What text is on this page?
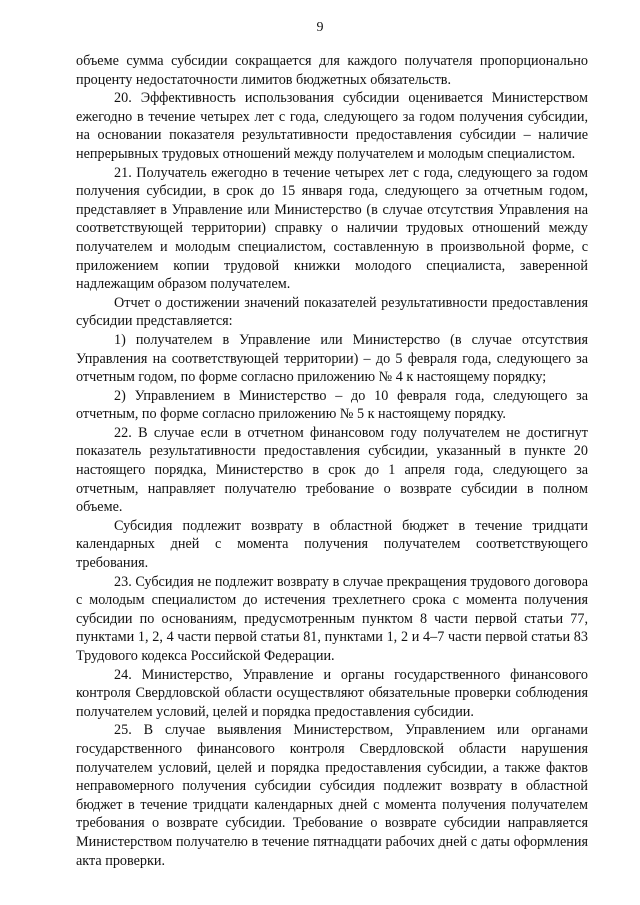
9

объеме сумма субсидии сокращается для каждого получателя пропорционально проценту недостаточности лимитов бюджетных обязательств.

20. Эффективность использования субсидии оценивается Министерством ежегодно в течение четырех лет с года, следующего за годом получения субсидии, на основании показателя результативности предоставления субсидии – наличие непрерывных трудовых отношений между получателем и молодым специалистом.

21. Получатель ежегодно в течение четырех лет с года, следующего за годом получения субсидии, в срок до 15 января года, следующего за отчетным годом, представляет в Управление или Министерство (в случае отсутствия Управления на соответствующей территории) справку о наличии трудовых отношений между получателем и молодым специалистом, составленную в произвольной форме, с приложением копии трудовой книжки молодого специалиста, заверенной надлежащим образом получателем.

Отчет о достижении значений показателей результативности предоставления субсидии представляется:

1) получателем в Управление или Министерство (в случае отсутствия Управления на соответствующей территории) – до 5 февраля года, следующего за отчетным годом, по форме согласно приложению № 4 к настоящему порядку;

2) Управлением в Министерство – до 10 февраля года, следующего за отчетным, по форме согласно приложению № 5 к настоящему порядку.

22. В случае если в отчетном финансовом году получателем не достигнут показатель результативности предоставления субсидии, указанный в пункте 20 настоящего порядка, Министерство в срок до 1 апреля года, следующего за отчетным, направляет получателю требование о возврате субсидии в полном объеме.

Субсидия подлежит возврату в областной бюджет в течение тридцати календарных дней с момента получения получателем соответствующего требования.

23. Субсидия не подлежит возврату в случае прекращения трудового договора с молодым специалистом до истечения трехлетнего срока с момента получения субсидии по основаниям, предусмотренным пунктом 8 части первой статьи 77, пунктами 1, 2, 4 части первой статьи 81, пунктами 1, 2 и 4–7 части первой статьи 83 Трудового кодекса Российской Федерации.

24. Министерство, Управление и органы государственного финансового контроля Свердловской области осуществляют обязательные проверки соблюдения получателем условий, целей и порядка предоставления субсидии.

25. В случае выявления Министерством, Управлением или органами государственного финансового контроля Свердловской области нарушения получателем условий, целей и порядка предоставления субсидии, а также фактов неправомерного получения субсидии субсидия подлежит возврату в областной бюджет в течение тридцати календарных дней с момента получения получателем требования о возврате субсидии. Требование о возврате субсидии направляется Министерством получателю в течение пятнадцати рабочих дней с даты оформления акта проверки.
